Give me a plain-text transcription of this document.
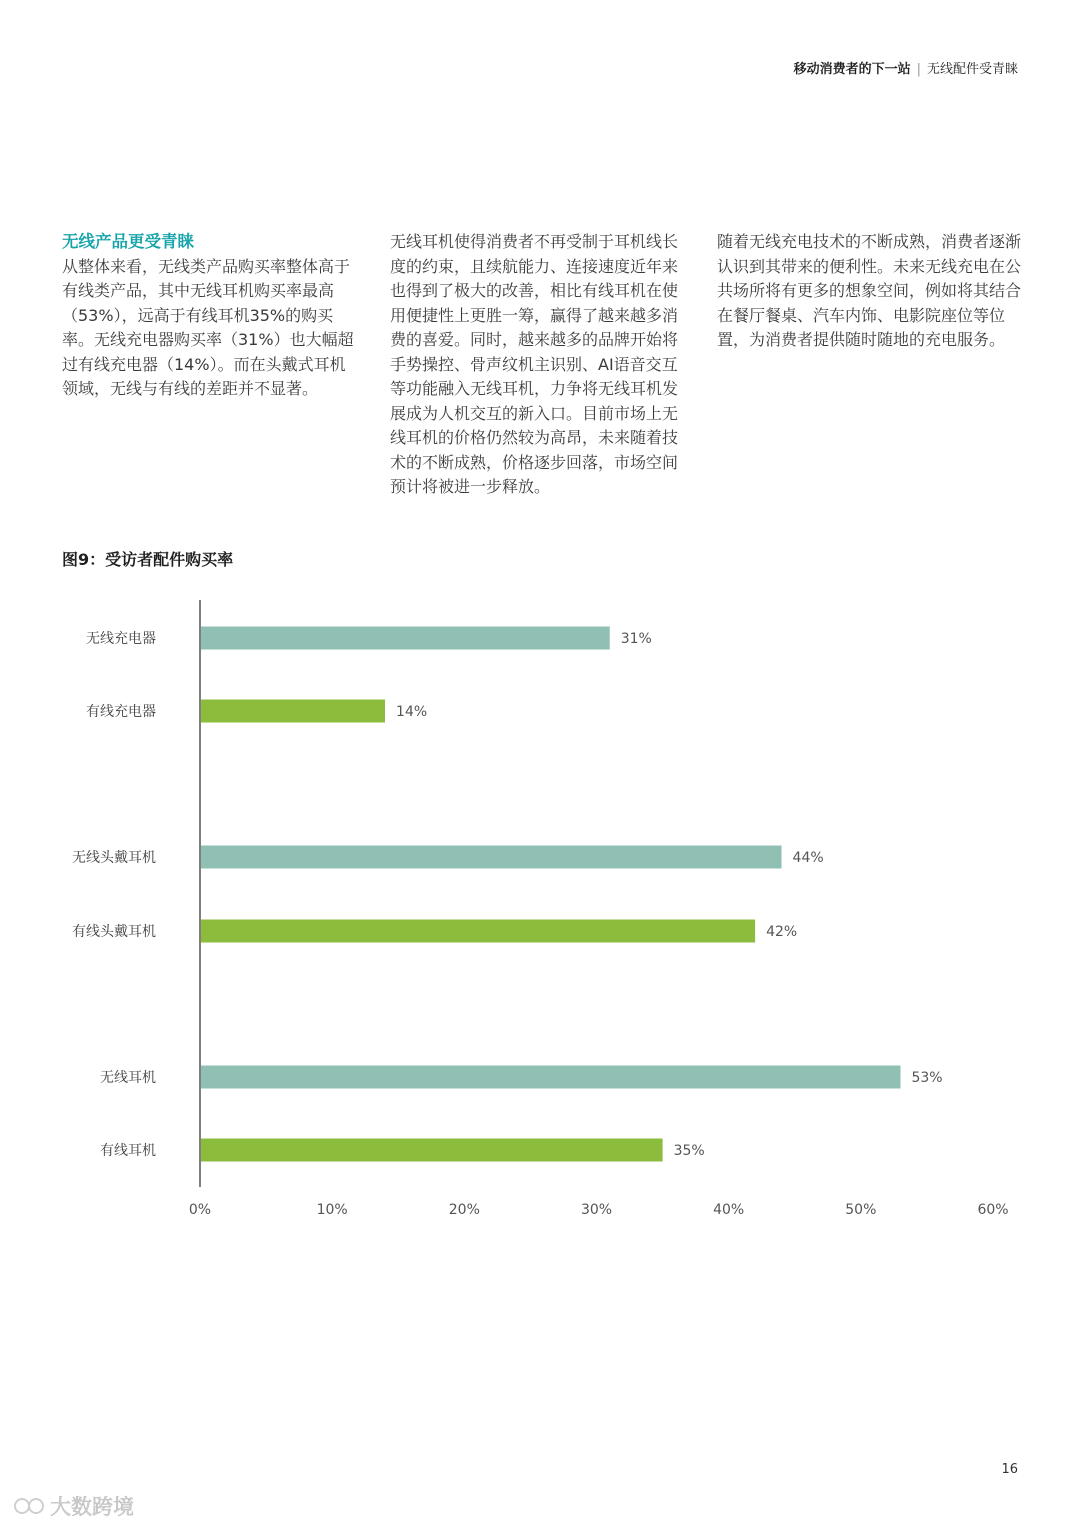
移动消费者的下一站 | 无线配件受青睐
无线产品更受青睐
从整体来看，无线类产品购买率整体高于有线类产品，其中无线耳机购买率最高（53%），远高于有线耳机35%的购买率。无线充电器购买率（31%）也大幅超过有线充电器（14%）。而在头戴式耳机领域，无线与有线的差距并不显著。
无线耳机使得消费者不再受制于耳机线长度的约束，且续航能力、连接速度近年来也得到了极大的改善，相比有线耳机在使用便捷性上更胜一筹，赢得了越来越多消费的喜爱。同时，越来越多的品牌开始将手势操控、骨声纹机主识别、AI语音交互等功能融入无线耳机，力争将无线耳机发展成为人机交互的新入口。目前市场上无线耳机的价格仍然较为高昂，未来随着技术的不断成熟，价格逐步回落，市场空间预计将被进一步释放。
随着无线充电技术的不断成熟，消费者逐渐认识到其带来的便利性。未来无线充电在公共场所将有更多的想象空间，例如将其结合在餐厅餐桌、汽车内饰、电影院座位等位置，为消费者提供随时随地的充电服务。
图9：受访者配件购买率
无线充电器	31%
有线充电器	14%
无线头戴耳机	44%
有线头戴耳机	42%
无线耳机	53%
有线耳机	35%
0%	10%	20%	30%	40%	50%	60%
16
大数跨境
